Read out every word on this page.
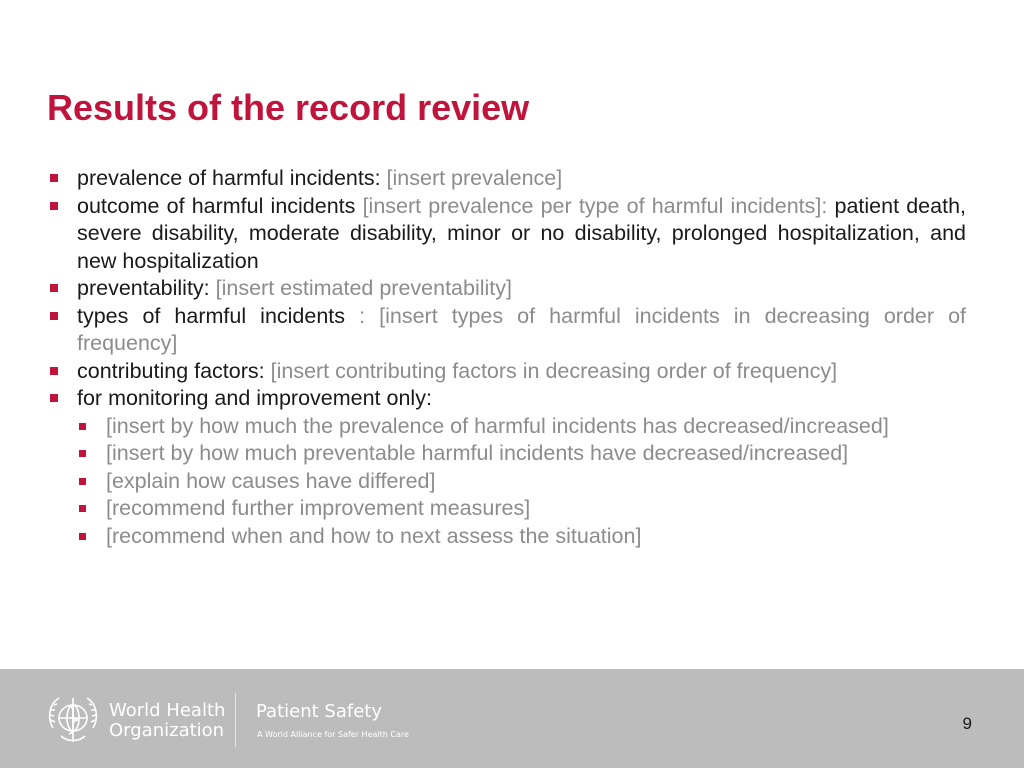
Results of the record review
prevalence of harmful incidents: [insert prevalence]
outcome of harmful incidents [insert prevalence per type of harmful incidents]: patient death, severe disability, moderate disability, minor or no disability, prolonged hospitalization, and new hospitalization
preventability: [insert estimated preventability]
types of harmful incidents : [insert types of harmful incidents in decreasing order of frequency]
contributing factors: [insert contributing factors in decreasing order of frequency]
for monitoring and improvement only:
[insert by how much the prevalence of harmful incidents has decreased/increased]
[insert by how much preventable harmful incidents have decreased/increased]
[explain how causes have differed]
[recommend further improvement measures]
[recommend when and how to next assess the situation]
World Health
Organization
Patient Safety
A World Alliance for Safer Health Care
9
